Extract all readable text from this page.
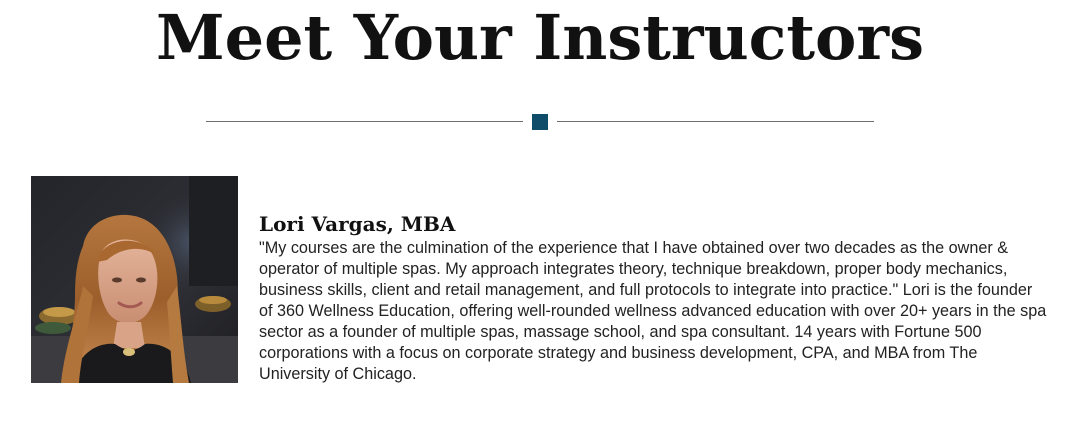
Meet Your Instructors
Lori Vargas, MBA

"My courses are the culmination of the experience that I have obtained over two decades as the owner & operator of multiple spas. My approach integrates theory, technique breakdown, proper body mechanics, business skills, client and retail management, and full protocols to integrate into practice." Lori is the founder of 360 Wellness Education, offering well-rounded wellness advanced education with over 20+ years in the spa sector as a founder of multiple spas, massage school, and spa consultant. 14 years with Fortune 500 corporations with a focus on corporate strategy and business development, CPA, and MBA from The University of Chicago.
